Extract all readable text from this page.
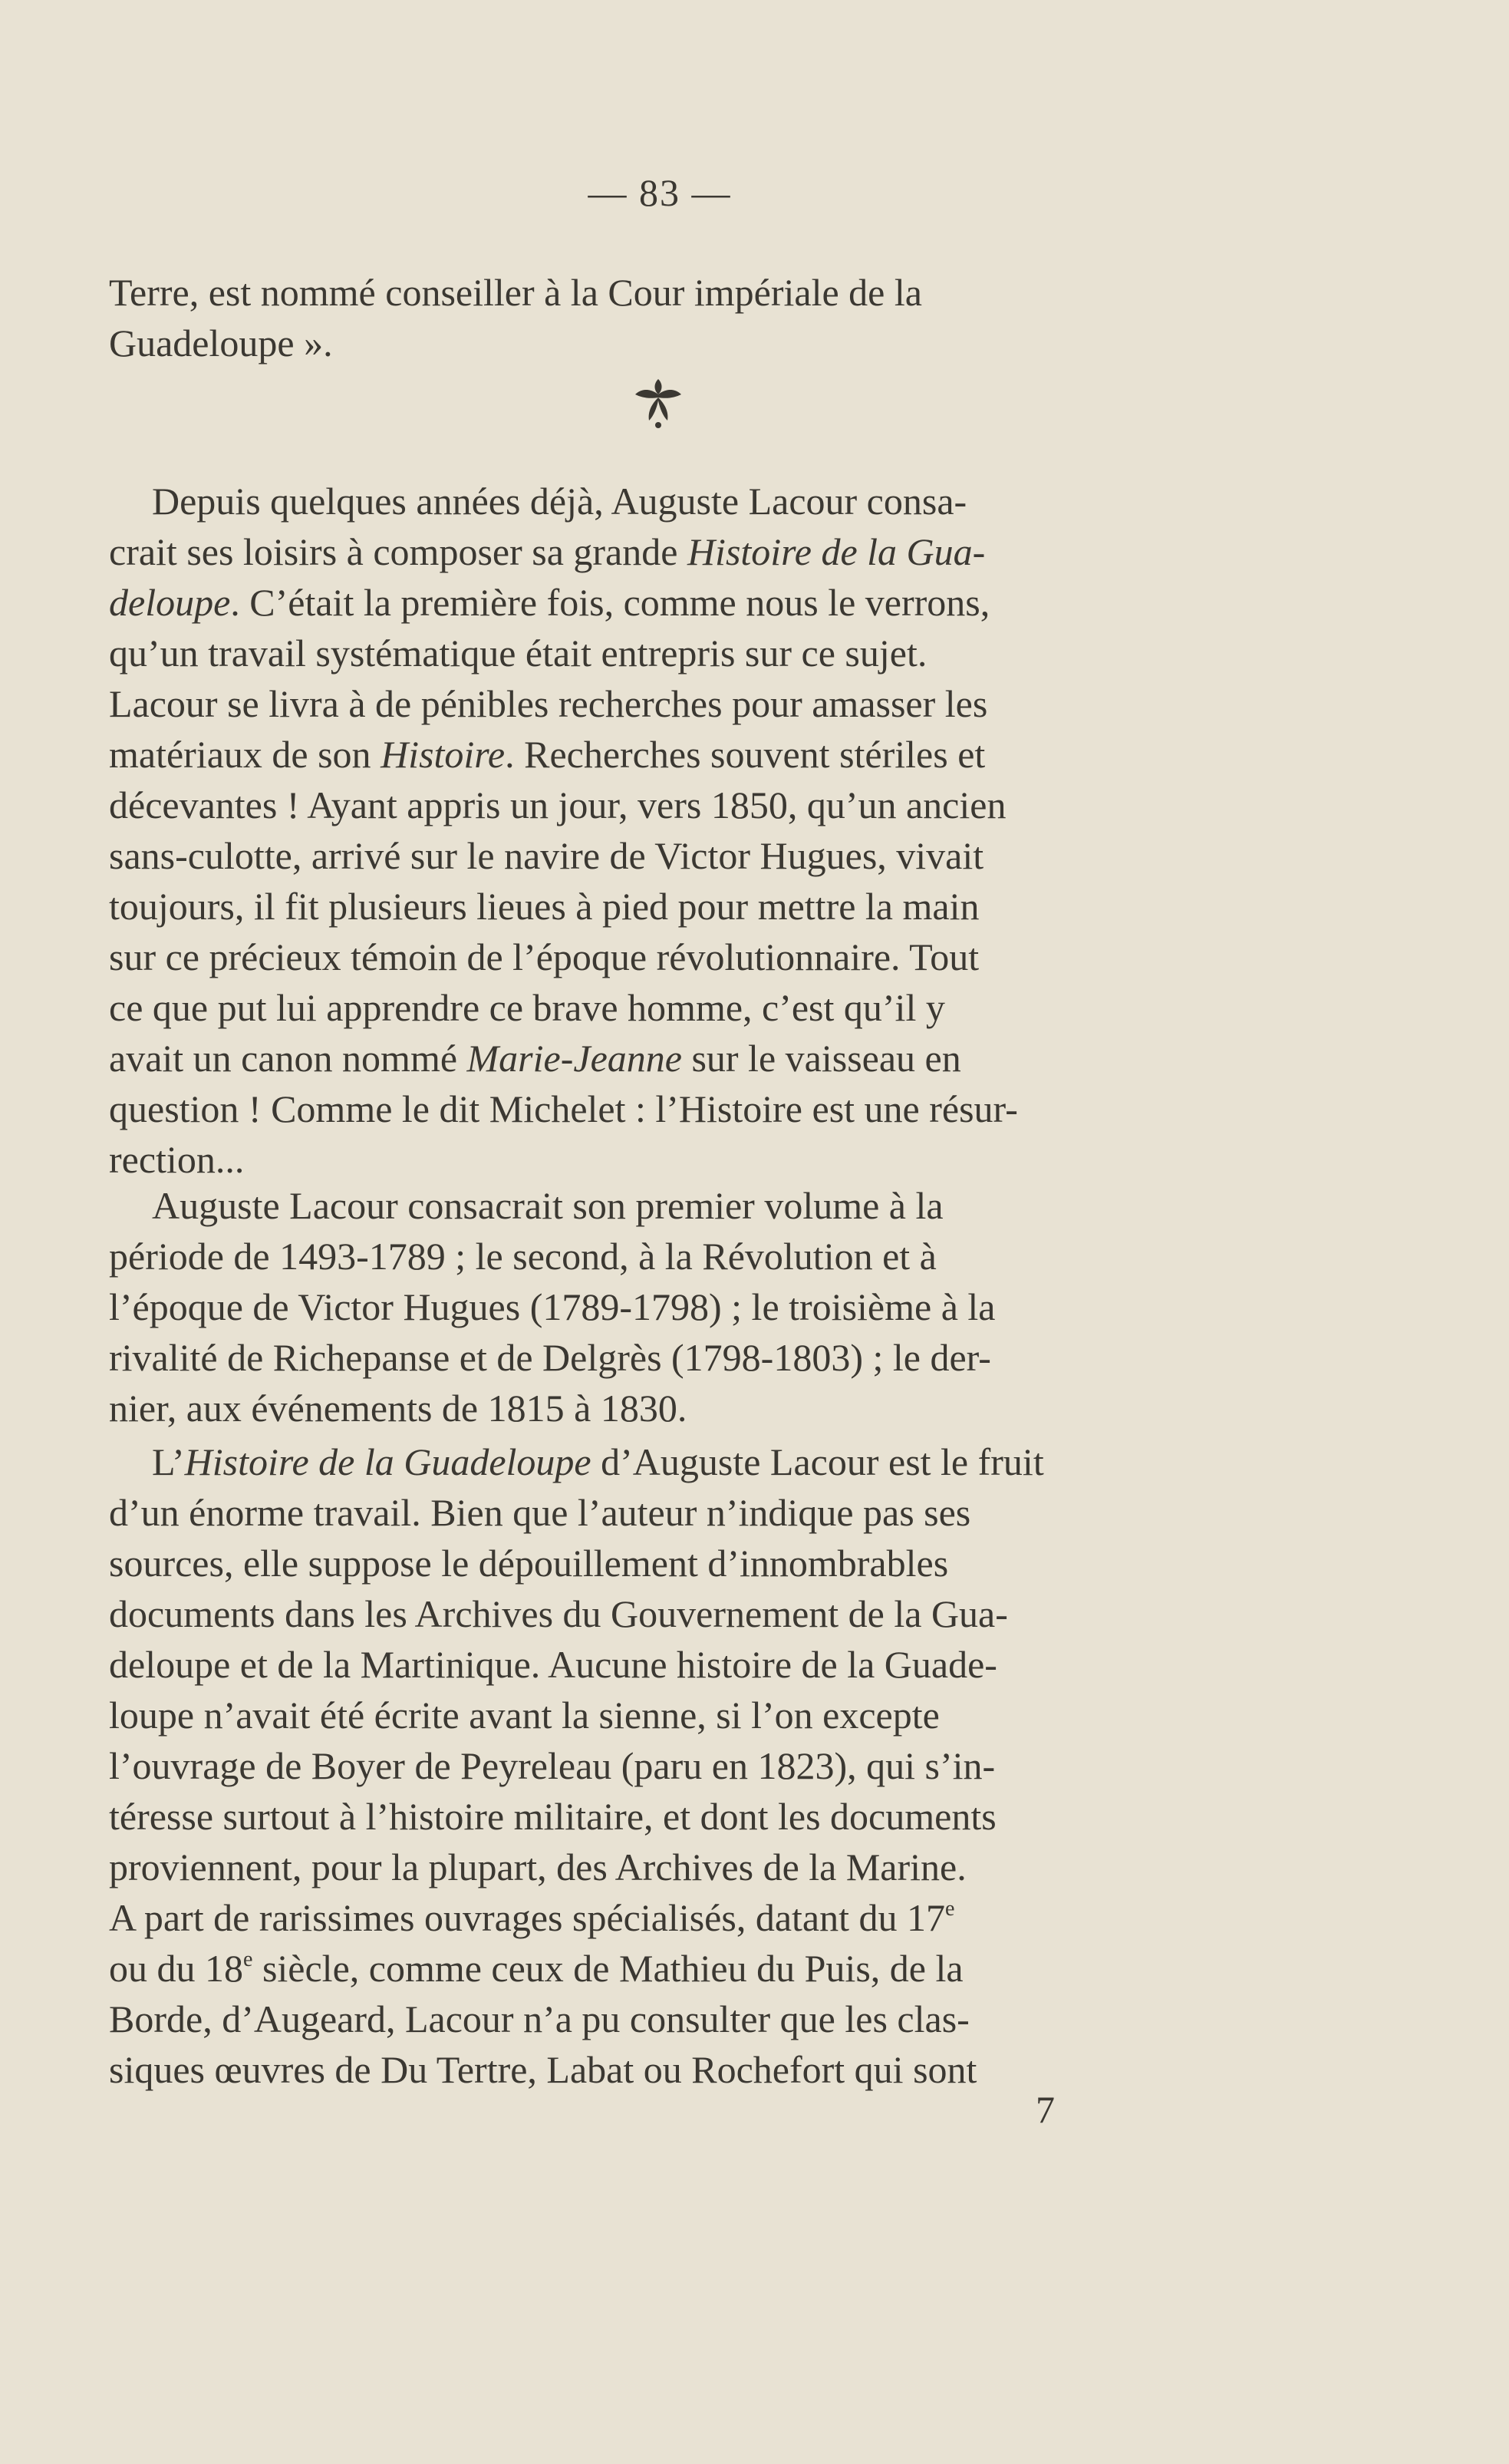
— 83 —
Terre, est nommé conseiller à la Cour impériale de la
Guadeloupe ».
Depuis quelques années déjà, Auguste Lacour consa-
crait ses loisirs à composer sa grande Histoire de la Gua-
deloupe. C’était la première fois, comme nous le verrons,
qu’un travail systématique était entrepris sur ce sujet.
Lacour se livra à de pénibles recherches pour amasser les
matériaux de son Histoire. Recherches souvent stériles et
décevantes ! Ayant appris un jour, vers 1850, qu’un ancien
sans-culotte, arrivé sur le navire de Victor Hugues, vivait
toujours, il fit plusieurs lieues à pied pour mettre la main
sur ce précieux témoin de l’époque révolutionnaire. Tout
ce que put lui apprendre ce brave homme, c’est qu’il y
avait un canon nommé Marie-Jeanne sur le vaisseau en
question ! Comme le dit Michelet : l’Histoire est une résur-
rection...
Auguste Lacour consacrait son premier volume à la
période de 1493-1789 ; le second, à la Révolution et à
l’époque de Victor Hugues (1789-1798) ; le troisième à la
rivalité de Richepanse et de Delgrès (1798-1803) ; le der-
nier, aux événements de 1815 à 1830.
L’Histoire de la Guadeloupe d’Auguste Lacour est le fruit
d’un énorme travail. Bien que l’auteur n’indique pas ses
sources, elle suppose le dépouillement d’innombrables
documents dans les Archives du Gouvernement de la Gua-
deloupe et de la Martinique. Aucune histoire de la Guade-
loupe n’avait été écrite avant la sienne, si l’on excepte
l’ouvrage de Boyer de Peyreleau (paru en 1823), qui s’in-
téresse surtout à l’histoire militaire, et dont les documents
proviennent, pour la plupart, des Archives de la Marine.
A part de rarissimes ouvrages spécialisés, datant du 17e
ou du 18e siècle, comme ceux de Mathieu du Puis, de la
Borde, d’Augeard, Lacour n’a pu consulter que les clas-
siques œuvres de Du Tertre, Labat ou Rochefort qui sont
7
